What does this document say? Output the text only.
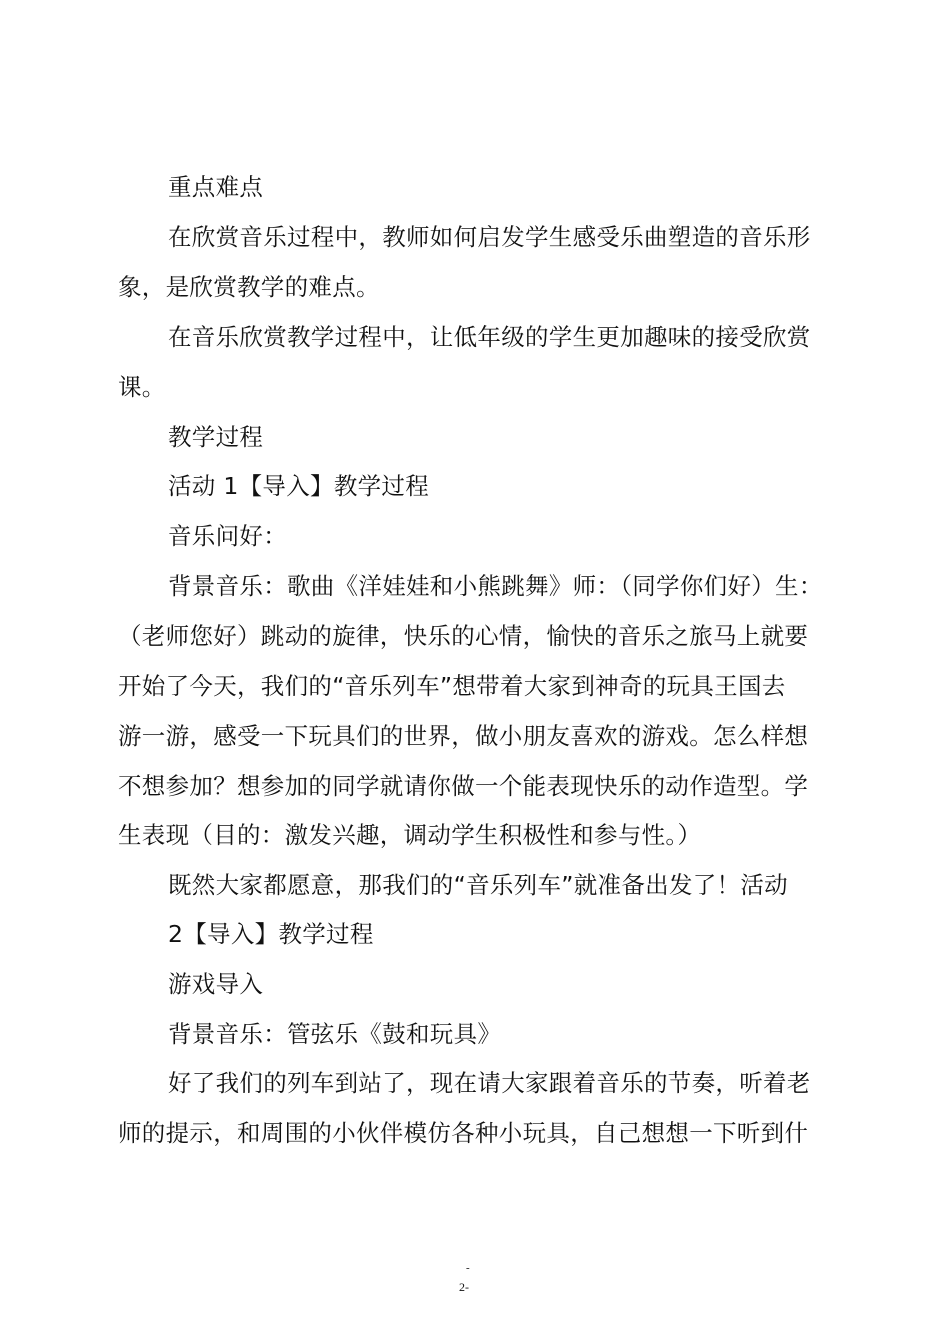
重点难点
在欣赏音乐过程中，教师如何启发学生感受乐曲塑造的音乐形
象，是欣赏教学的难点。
在音乐欣赏教学过程中，让低年级的学生更加趣味的接受欣赏
课。
教学过程
活动 1【导入】教学过程
音乐问好：
背景音乐：歌曲《洋娃娃和小熊跳舞》师：（同学你们好）生：
（老师您好）跳动的旋律，快乐的心情，愉快的音乐之旅马上就要
开始了今天，我们的“音乐列车”想带着大家到神奇的玩具王国去
游一游，感受一下玩具们的世界，做小朋友喜欢的游戏。怎么样想
不想参加？想参加的同学就请你做一个能表现快乐的动作造型。学
生表现（目的：激发兴趣，调动学生积极性和参与性。）
既然大家都愿意，那我们的“音乐列车”就准备出发了！活动
2【导入】教学过程
游戏导入
背景音乐：管弦乐《鼓和玩具》
好了我们的列车到站了，现在请大家跟着音乐的节奏，听着老
师的提示，和周围的小伙伴模仿各种小玩具，自己想想一下听到什
-
2-
